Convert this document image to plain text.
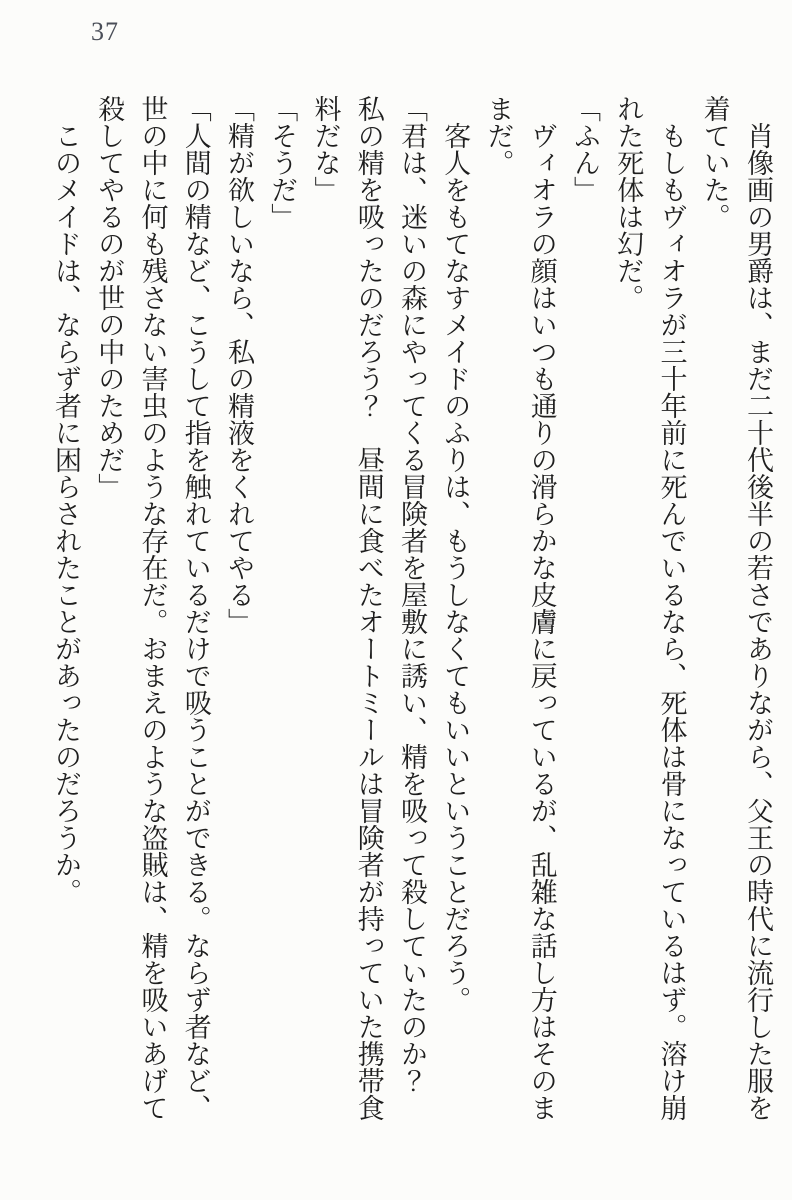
37

　肖像画の男爵は、まだ二十代後半の若さでありながら、父王の時代に流行した服を

着ていた。

　もしもヴィオラが三十年前に死んでいるなら、死体は骨になっているはず。溶け崩

れた死体は幻だ。

「ふん」

　ヴィオラの顔はいつも通りの滑らかな皮膚に戻っているが、乱雑な話し方はそのま

まだ。

　客人をもてなすメイドのふりは、もうしなくてもいいということだろう。

「君は、迷いの森にやってくる冒険者を屋敷に誘い、精を吸って殺していたのか？

私の精を吸ったのだろう？　昼間に食べたオートミールは冒険者が持っていた携帯食

料だな」

「そうだ」

「精が欲しいなら、私の精液をくれてやる」

「人間の精など、こうして指を触れているだけで吸うことができる。ならず者など、

世の中に何も残さない害虫のような存在だ。おまえのような盗賊は、精を吸いあげて

殺してやるのが世の中のためだ」

　このメイドは、ならず者に困らされたことがあったのだろうか。
